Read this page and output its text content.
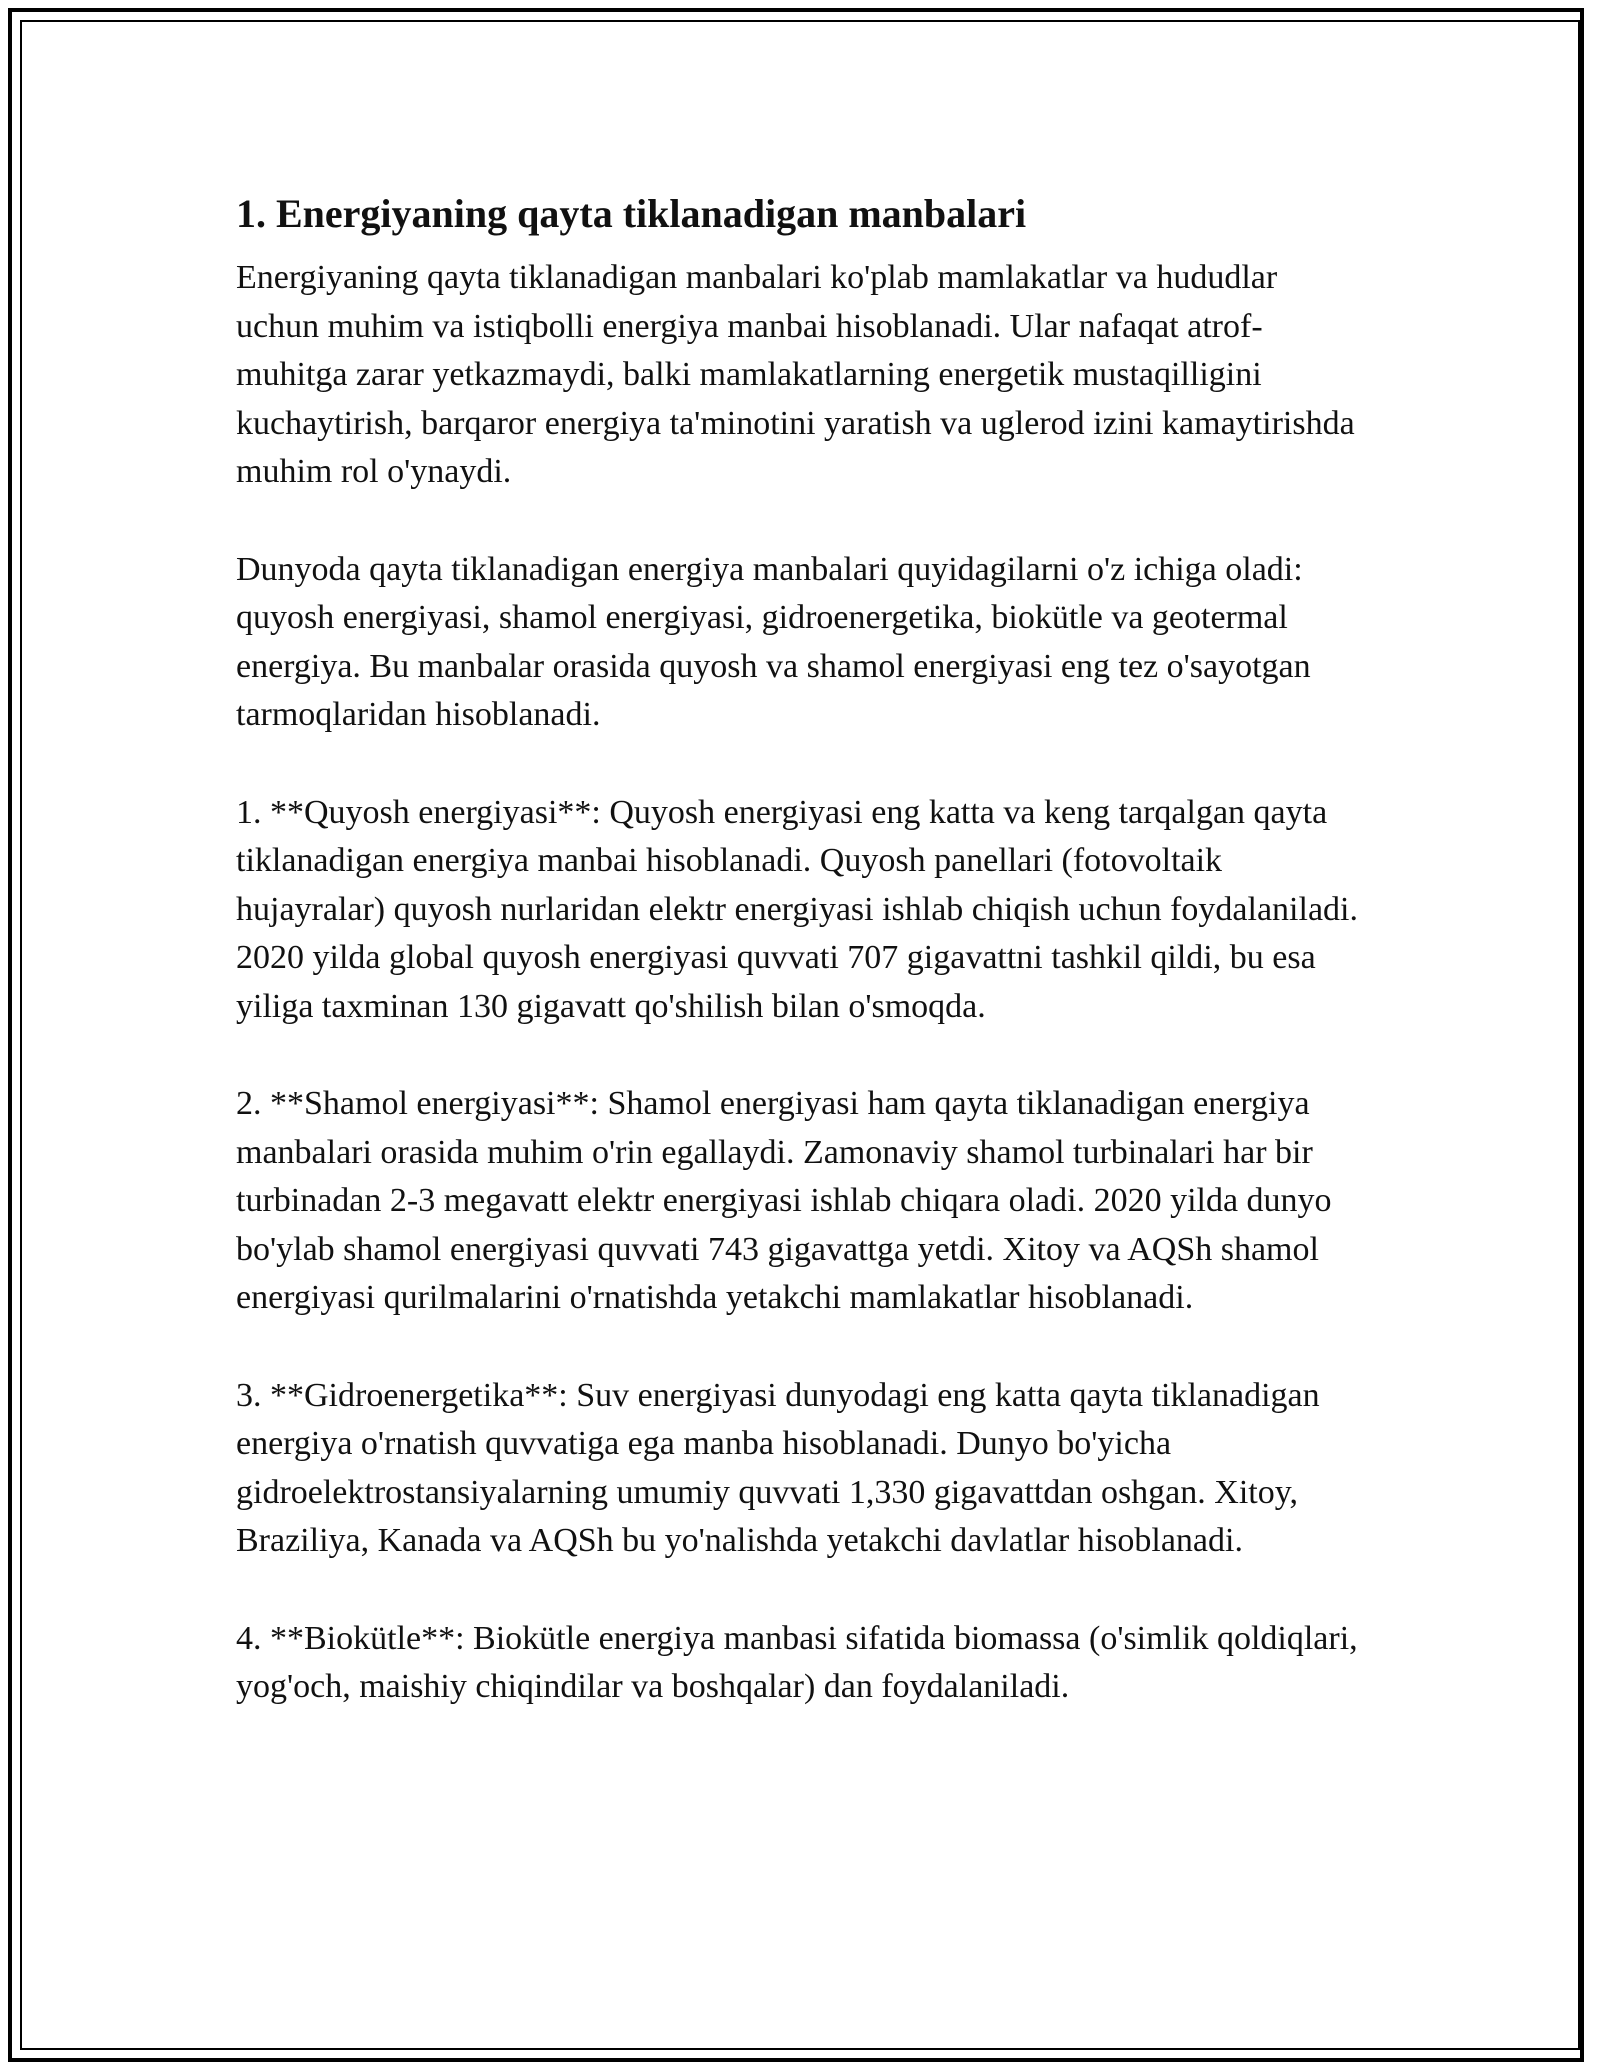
1. Energiyaning qayta tiklanadigan manbalari

Energiyaning qayta tiklanadigan manbalari ko'plab mamlakatlar va hududlar uchun muhim va istiqbolli energiya manbai hisoblanadi. Ular nafaqat atrof-muhitga zarar yetkazmaydi, balki mamlakatlarning energetik mustaqilligini kuchaytirish, barqaror energiya ta'minotini yaratish va uglerod izini kamaytirishda muhim rol o'ynaydi.

Dunyoda qayta tiklanadigan energiya manbalari quyidagilarni o'z ichiga oladi: quyosh energiyasi, shamol energiyasi, gidroenergetika, biokütle va geotermal energiya. Bu manbalar orasida quyosh va shamol energiyasi eng tez o'sayotgan tarmoqlaridan hisoblanadi.

1. **Quyosh energiyasi**: Quyosh energiyasi eng katta va keng tarqalgan qayta tiklanadigan energiya manbai hisoblanadi. Quyosh panellari (fotovoltaik hujayralar) quyosh nurlaridan elektr energiyasi ishlab chiqish uchun foydalaniladi. 2020 yilda global quyosh energiyasi quvvati 707 gigavattni tashkil qildi, bu esa yiliga taxminan 130 gigavatt qo'shilish bilan o'smoqda.

2. **Shamol energiyasi**: Shamol energiyasi ham qayta tiklanadigan energiya manbalari orasida muhim o'rin egallaydi. Zamonaviy shamol turbinalari har bir turbinadan 2-3 megavatt elektr energiyasi ishlab chiqara oladi. 2020 yilda dunyo bo'ylab shamol energiyasi quvvati 743 gigavattga yetdi. Xitoy va AQSh shamol energiyasi qurilmalarini o'rnatishda yetakchi mamlakatlar hisoblanadi.

3. **Gidroenergetika**: Suv energiyasi dunyodagi eng katta qayta tiklanadigan energiya o'rnatish quvvatiga ega manba hisoblanadi. Dunyo bo'yicha gidroelektrostansiyalarning umumiy quvvati 1,330 gigavattdan oshgan. Xitoy, Braziliya, Kanada va AQSh bu yo'nalishda yetakchi davlatlar hisoblanadi.

4. **Biokütle**: Biokütle energiya manbasi sifatida biomassa (o'simlik qoldiqlari, yog'och, maishiy chiqindilar va boshqalar) dan foydalaniladi.
